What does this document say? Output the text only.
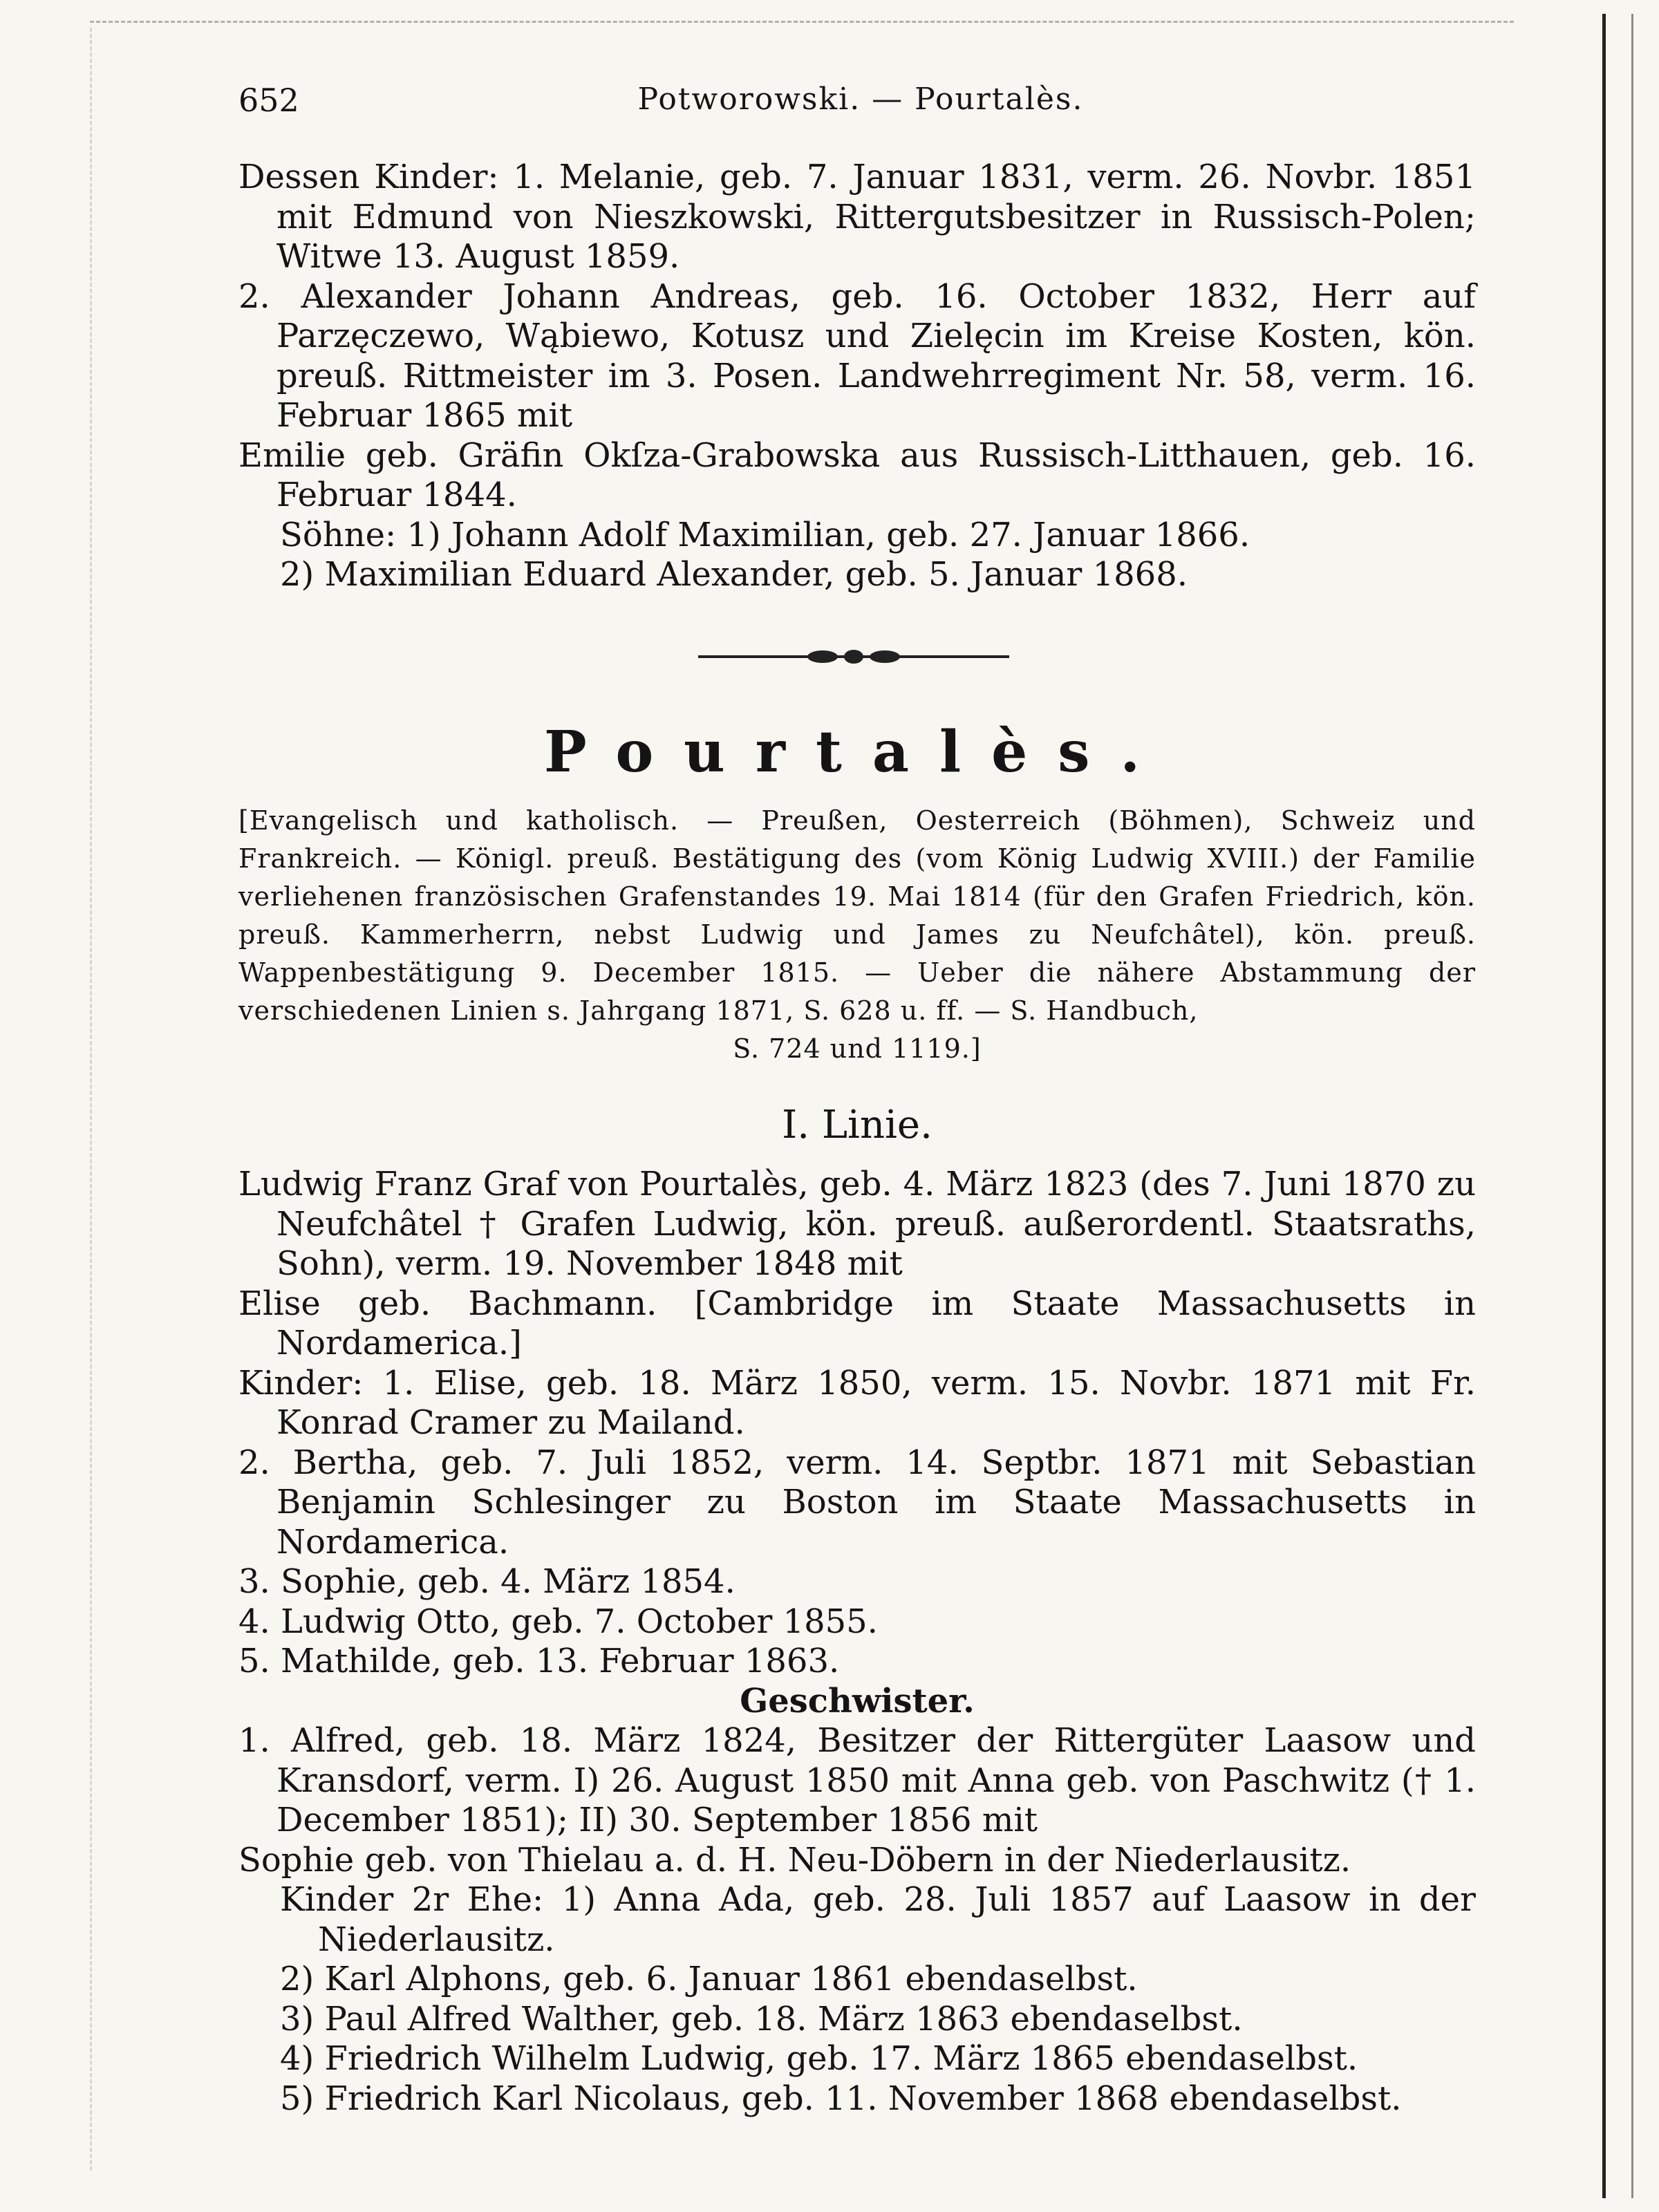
652	Potworowski. — Pourtalès.
Dessen Kinder: 1. Melanie, geb. 7. Januar 1831, verm. 26. Novbr. 1851 mit Edmund von Nieszkowski, Rittergutsbesitzer in Russisch-Polen; Witwe 13. August 1859.
2. Alexander Johann Andreas, geb. 16. October 1832, Herr auf Parzęczewo, Wąbiewo, Kotusz und Zielęcin im Kreise Kosten, kön. preuß. Rittmeister im 3. Posen. Landwehrregiment Nr. 58, verm. 16. Februar 1865 mit
Emilie geb. Gräfin Okſza-Grabowska aus Russisch-Litthauen, geb. 16. Februar 1844.
Söhne: 1) Johann Adolf Maximilian, geb. 27. Januar 1866.
2) Maximilian Eduard Alexander, geb. 5. Januar 1868.
Pourtalès.
[Evangelisch und katholisch. — Preußen, Oesterreich (Böhmen), Schweiz und Frankreich. — Königl. preuß. Bestätigung des (vom König Ludwig XVIII.) der Familie verliehenen französischen Grafenstandes 19. Mai 1814 (für den Grafen Friedrich, kön. preuß. Kammerherrn, nebst Ludwig und James zu Neufchâtel), kön. preuß. Wappenbestätigung 9. December 1815. — Ueber die nähere Abstammung der verschiedenen Linien s. Jahrgang 1871, S. 628 u. ff. — S. Handbuch,
S. 724 und 1119.]
I. Linie.
Ludwig Franz Graf von Pourtalès, geb. 4. März 1823 (des 7. Juni 1870 zu Neufchâtel † Grafen Ludwig, kön. preuß. außerordentl. Staatsraths, Sohn), verm. 19. November 1848 mit
Elise geb. Bachmann. [Cambridge im Staate Massachusetts in Nordamerica.]
Kinder: 1. Elise, geb. 18. März 1850, verm. 15. Novbr. 1871 mit Fr. Konrad Cramer zu Mailand.
2. Bertha, geb. 7. Juli 1852, verm. 14. Septbr. 1871 mit Sebastian Benjamin Schlesinger zu Boston im Staate Massachusetts in Nordamerica.
3. Sophie, geb. 4. März 1854.
4. Ludwig Otto, geb. 7. October 1855.
5. Mathilde, geb. 13. Februar 1863.
Geschwister.
1. Alfred, geb. 18. März 1824, Besitzer der Rittergüter Laasow und Kransdorf, verm. I) 26. August 1850 mit Anna geb. von Paschwitz († 1. December 1851); II) 30. September 1856 mit
Sophie geb. von Thielau a. d. H. Neu-Döbern in der Niederlausitz.
Kinder 2r Ehe: 1) Anna Ada, geb. 28. Juli 1857 auf Laasow in der Niederlausitz.
2) Karl Alphons, geb. 6. Januar 1861 ebendaselbst.
3) Paul Alfred Walther, geb. 18. März 1863 ebendaselbst.
4) Friedrich Wilhelm Ludwig, geb. 17. März 1865 ebendaselbst.
5) Friedrich Karl Nicolaus, geb. 11. November 1868 ebendaselbst.
